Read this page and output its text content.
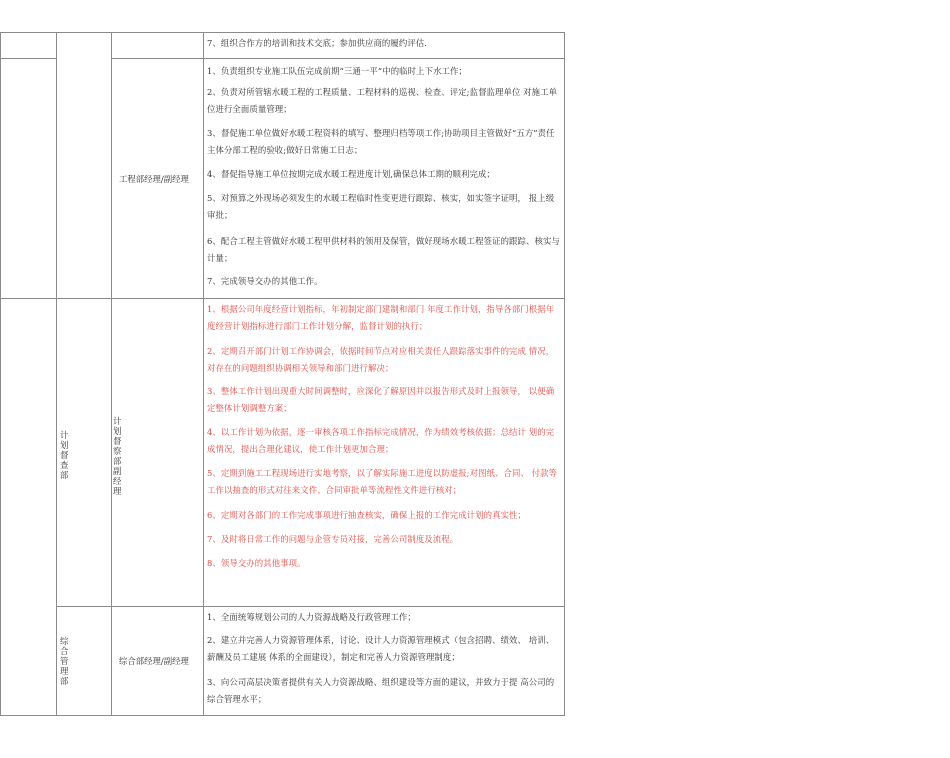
7、组织合作方的培训和技术交底；参加供应商的履约评估.
工程部经理/副经理
1、负责组织专业施工队伍完成前期“三通一平”中的临时上下水工作；
2、负责对所管辖水暖工程的工程质量、工程材料的巡视、检查、评定;监督监理单位 对施工单位进行全面质量管理；
3、督促施工单位做好水暖工程资料的填写、整理归档等项工作;协助项目主管做好“五方”责任主体分部工程的验收;做好日常施工日志；
4、督促指导施工单位按期完成水暖工程进度计划,确保总体工期的顺利完成；
5、对预算之外现场必须发生的水暖工程临时性变更进行跟踪、核实，如实签字证明， 报上级审批；
6、配合工程主管做好水暖工程甲供材料的领用及保管，做好现场水暖工程签证的跟踪、核实与计量；
7、完成领导交办的其他工作。
计划督查部
计划督察部副经理
1、根据公司年度经营计划指标，年初制定部门建制和部门 年度工作计划，指导各部门根据年度经营计划指标进行部门工作计划分解，监督计划的执行；
2、定期召开部门计划工作协调会，依据时间节点对应相关责任人跟踪落实事件的完成 情况，对存在的问题组织协调相关领导和部门进行解决；
3、整体工作计划出现重大时间调整时，应深化了解原因并以报告形式及时上报领导， 以便确定整体计划调整方案；
4、以工作计划为依据，逐一审核各项工作指标完成情况，作为绩效考核依据；总结计 划的完成情况，提出合理化建议，使工作计划更加合理；
5、定期到施工工程现场进行实地考察，以了解实际施工进度以防虚报;对图纸、合同、 付款等工作以抽查的形式对往来文件、合同审批单等流程性文件进行核对；
6、定期对各部门的工作完成事项进行抽查核实，确保上报的工作完成计划的真实性；
7、及时将日常工作的问题与企管专员对接，完善公司制度及流程。
8、领导交办的其他事项。
综合管理部
综合部经理/副经理
1、全面统筹规划公司的人力资源战略及行政管理工作；
2、建立并完善人力资源管理体系，讨论、设计人力资源管理模式（包含招聘、绩效、 培训、薪酬及员工建展 体系的全面建设），制定和完善人力资源管理制度；
3、向公司高层决策者提供有关人力资源战略、组织建设等方面的建议，并致力于提 高公司的综合管理水平；
